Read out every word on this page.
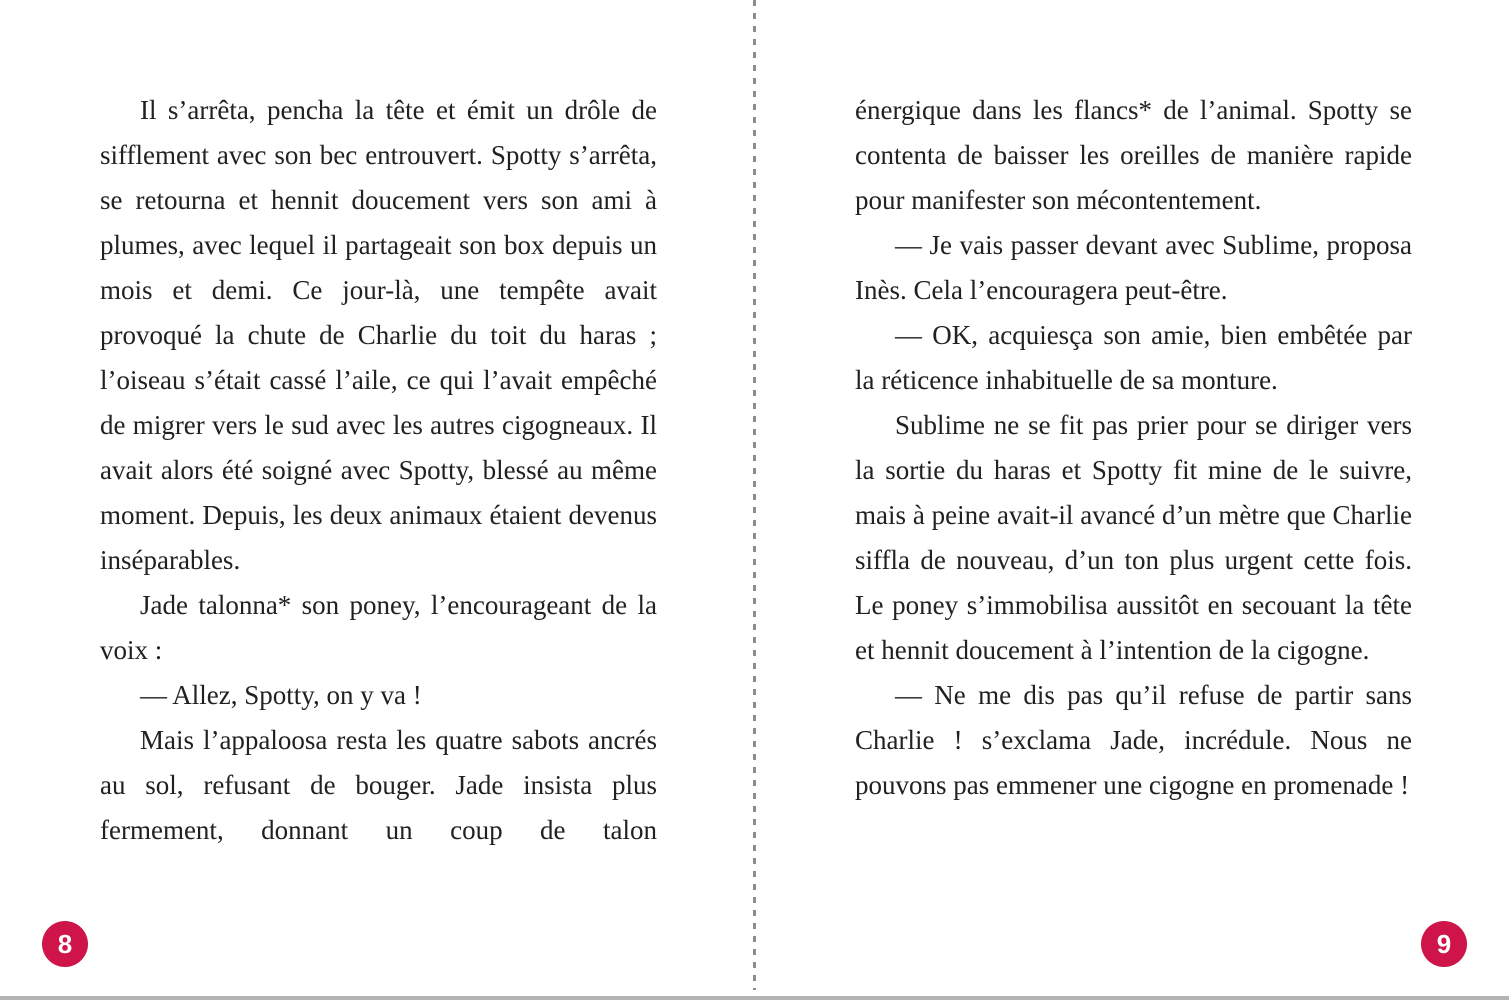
Il s’arrêta, pencha la tête et émit un drôle de sifflement avec son bec entrouvert. Spotty s’arrêta, se retourna et hennit doucement vers son ami à plumes, avec lequel il partageait son box depuis un mois et demi. Ce jour-là, une tempête avait provoqué la chute de Charlie du toit du haras ; l’oiseau s’était cassé l’aile, ce qui l’avait empêché de migrer vers le sud avec les autres cigogneaux. Il avait alors été soigné avec Spotty, blessé au même moment. Depuis, les deux animaux étaient devenus inséparables.

Jade talonna* son poney, l’encourageant de la voix :

— Allez, Spotty, on y va !

Mais l’appaloosa resta les quatre sabots ancrés au sol, refusant de bouger. Jade insista plus fermement, donnant un coup de talon

énergique dans les flancs* de l’animal. Spotty se contenta de baisser les oreilles de manière rapide pour manifester son mécontentement.

— Je vais passer devant avec Sublime, proposa Inès. Cela l’encouragera peut-être.

— OK, acquiesça son amie, bien embêtée par la réticence inhabituelle de sa monture.

Sublime ne se fit pas prier pour se diriger vers la sortie du haras et Spotty fit mine de le suivre, mais à peine avait-il avancé d’un mètre que Charlie siffla de nouveau, d’un ton plus urgent cette fois. Le poney s’immobilisa aussitôt en secouant la tête et hennit doucement à l’intention de la cigogne.

— Ne me dis pas qu’il refuse de partir sans Charlie ! s’exclama Jade, incrédule. Nous ne pouvons pas emmener une cigogne en promenade !

8	9
